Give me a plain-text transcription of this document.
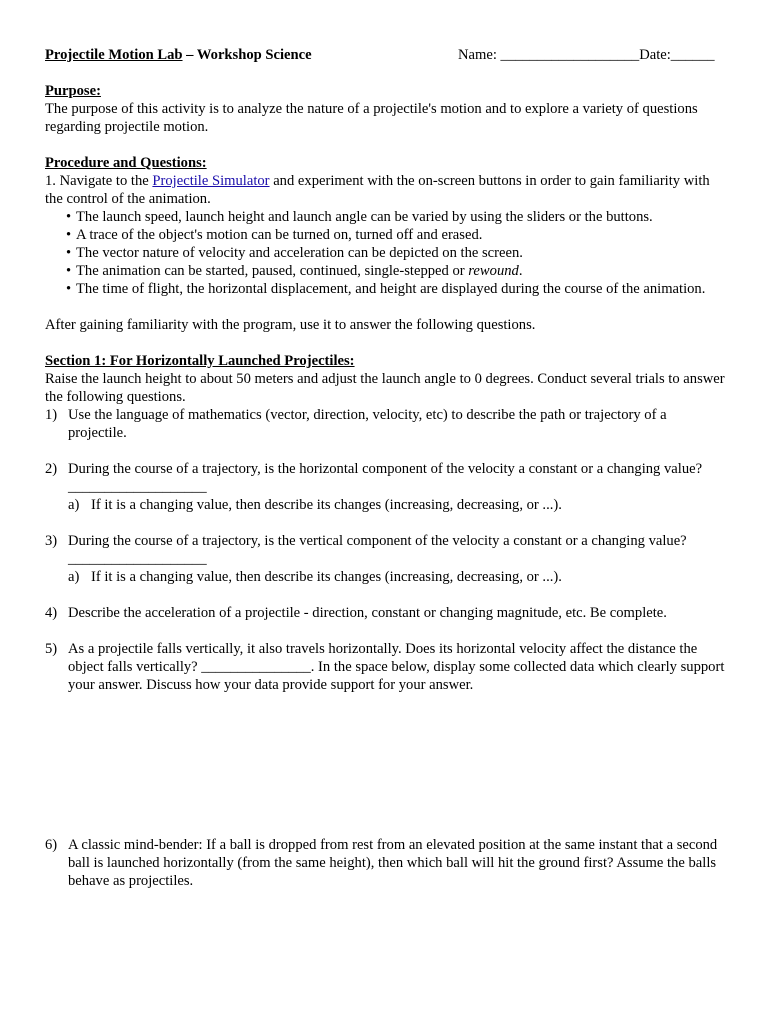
Projectile Motion Lab – Workshop Science	Name: ___________________Date:______
Purpose:

The purpose of this activity is to analyze the nature of a projectile's motion and to explore a variety of questions regarding projectile motion.

Procedure and Questions:

1. Navigate to the Projectile Simulator and experiment with the on-screen buttons in order to gain familiarity with the control of the animation.

• The launch speed, launch height and launch angle can be varied by using the sliders or the buttons.
• A trace of the object's motion can be turned on, turned off and erased.
• The vector nature of velocity and acceleration can be depicted on the screen.
• The animation can be started, paused, continued, single-stepped or rewound.
• The time of flight, the horizontal displacement, and height are displayed during the course of the animation.

After gaining familiarity with the program, use it to answer the following questions.

Section 1: For Horizontally Launched Projectiles:

Raise the launch height to about 50 meters and adjust the launch angle to 0 degrees. Conduct several trials to answer the following questions.

1) Use the language of mathematics (vector, direction, velocity, etc) to describe the path or trajectory of a projectile.
2) During the course of a trajectory, is the horizontal component of the velocity a constant or a changing value? ___________________
a) If it is a changing value, then describe its changes (increasing, decreasing, or ...).
3) During the course of a trajectory, is the vertical component of the velocity a constant or a changing value?
___________________
a) If it is a changing value, then describe its changes (increasing, decreasing, or ...).
4) Describe the acceleration of a projectile - direction, constant or changing magnitude, etc. Be complete.
5) As a projectile falls vertically, it also travels horizontally. Does its horizontal velocity affect the distance the object falls vertically? _______________. In the space below, display some collected data which clearly support your answer. Discuss how your data provide support for your answer.
6) A classic mind-bender: If a ball is dropped from rest from an elevated position at the same instant that a second ball is launched horizontally (from the same height), then which ball will hit the ground first? Assume the balls behave as projectiles.
